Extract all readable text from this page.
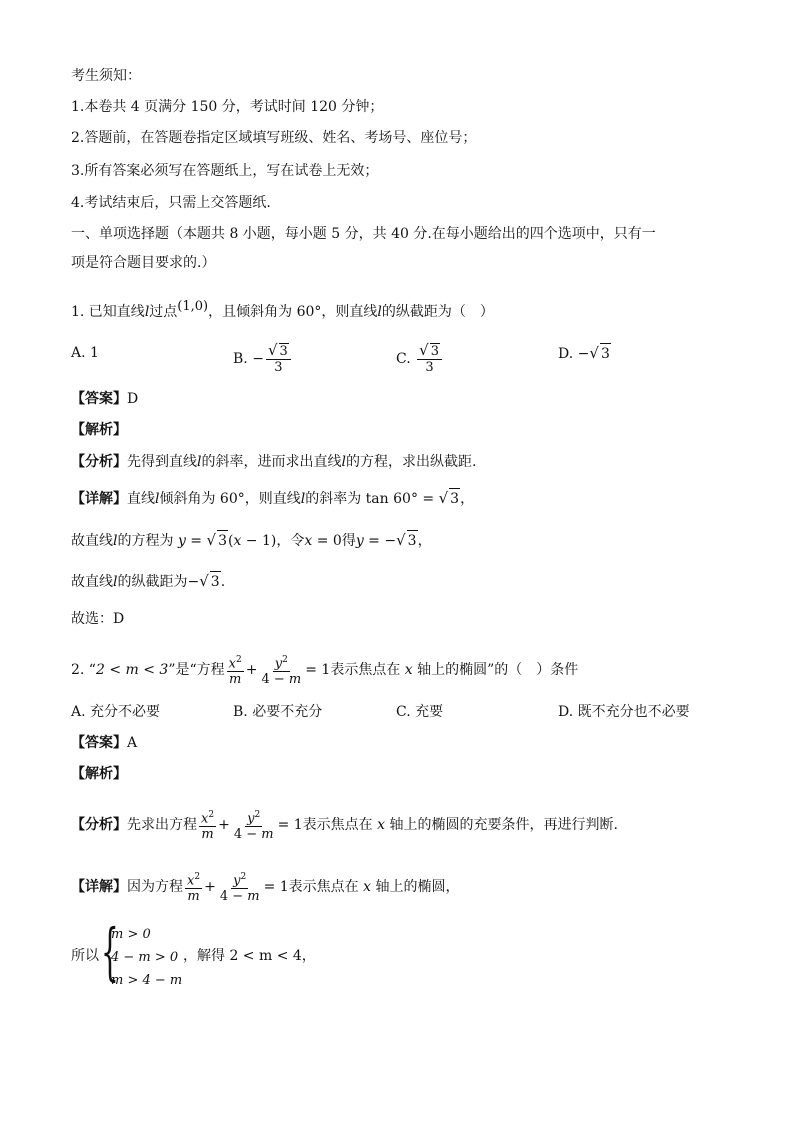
考生须知：
1.本卷共 4 页满分 150 分，考试时间 120 分钟；
2.答题前，在答题卷指定区域填写班级、姓名、考场号、座位号；
3.所有答案必须写在答题纸上，写在试卷上无效；
4.考试结束后，只需上交答题纸.
一、单项选择题（本题共 8 小题，每小题 5 分，共 40 分.在每小题给出的四个选项中，只有一
项是符合题目要求的.）
1. 已知直线l过点$^{(1,0)}$，且倾斜角为 60°，则直线l的纵截距为（　）
A. 1	B. − $\frac{√ 3}{3}$	C. $\frac{√ 3}{3}$	D. −√ 3
【答案】D
【解析】
【分析】先得到直线l的斜率，进而求出直线l的方程，求出纵截距.
【详解】直线l倾斜角为 60°，则直线l的斜率为 tan 60° = √ 3，
故直线l的方程为 y = √ 3(x − 1)，令x = 0得y = −√ 3，
故直线l的纵截距为−√ 3.
故选：D
2. “2 < m < 3”是“方程 $\frac{x^2}{m} + \frac{y^2}{4 - m} = 1$表示焦点在 x 轴上的椭圆”的（　）条件
A. 充分不必要	B. 必要不充分	C. 充要	D. 既不充分也不必要
【答案】A
【解析】
【分析】先求出方程 $\frac{x^2}{m} + \frac{y^2}{4 - m} = 1$表示焦点在 x 轴上的椭圆的充要条件，再进行判断.
【详解】因为方程 $\frac{x^2}{m} + \frac{y^2}{4 - m} = 1$表示焦点在 x 轴上的椭圆，
所以 {
m > 0
4 − m > 0
m > 4 − m
，解得 2 < m < 4，
